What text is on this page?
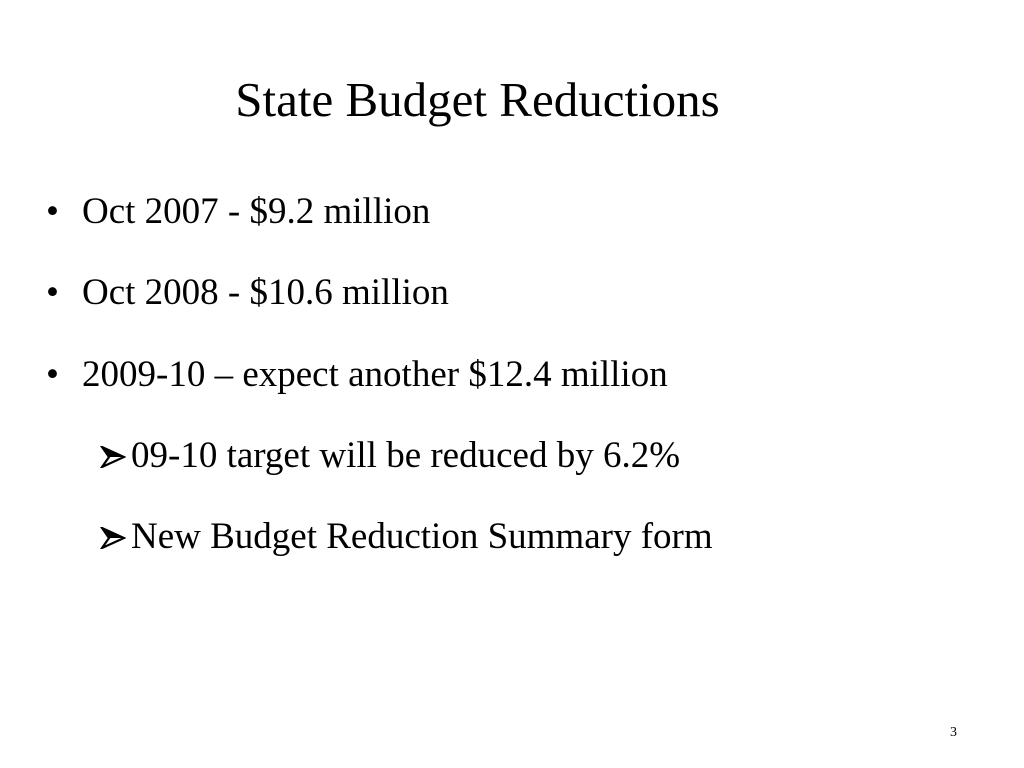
State Budget Reductions
• Oct 2007 - $9.2 million
• Oct 2008 - $10.6 million
• 2009-10 – expect another $12.4 million
09-10 target will be reduced by 6.2%
New Budget Reduction Summary form
3
